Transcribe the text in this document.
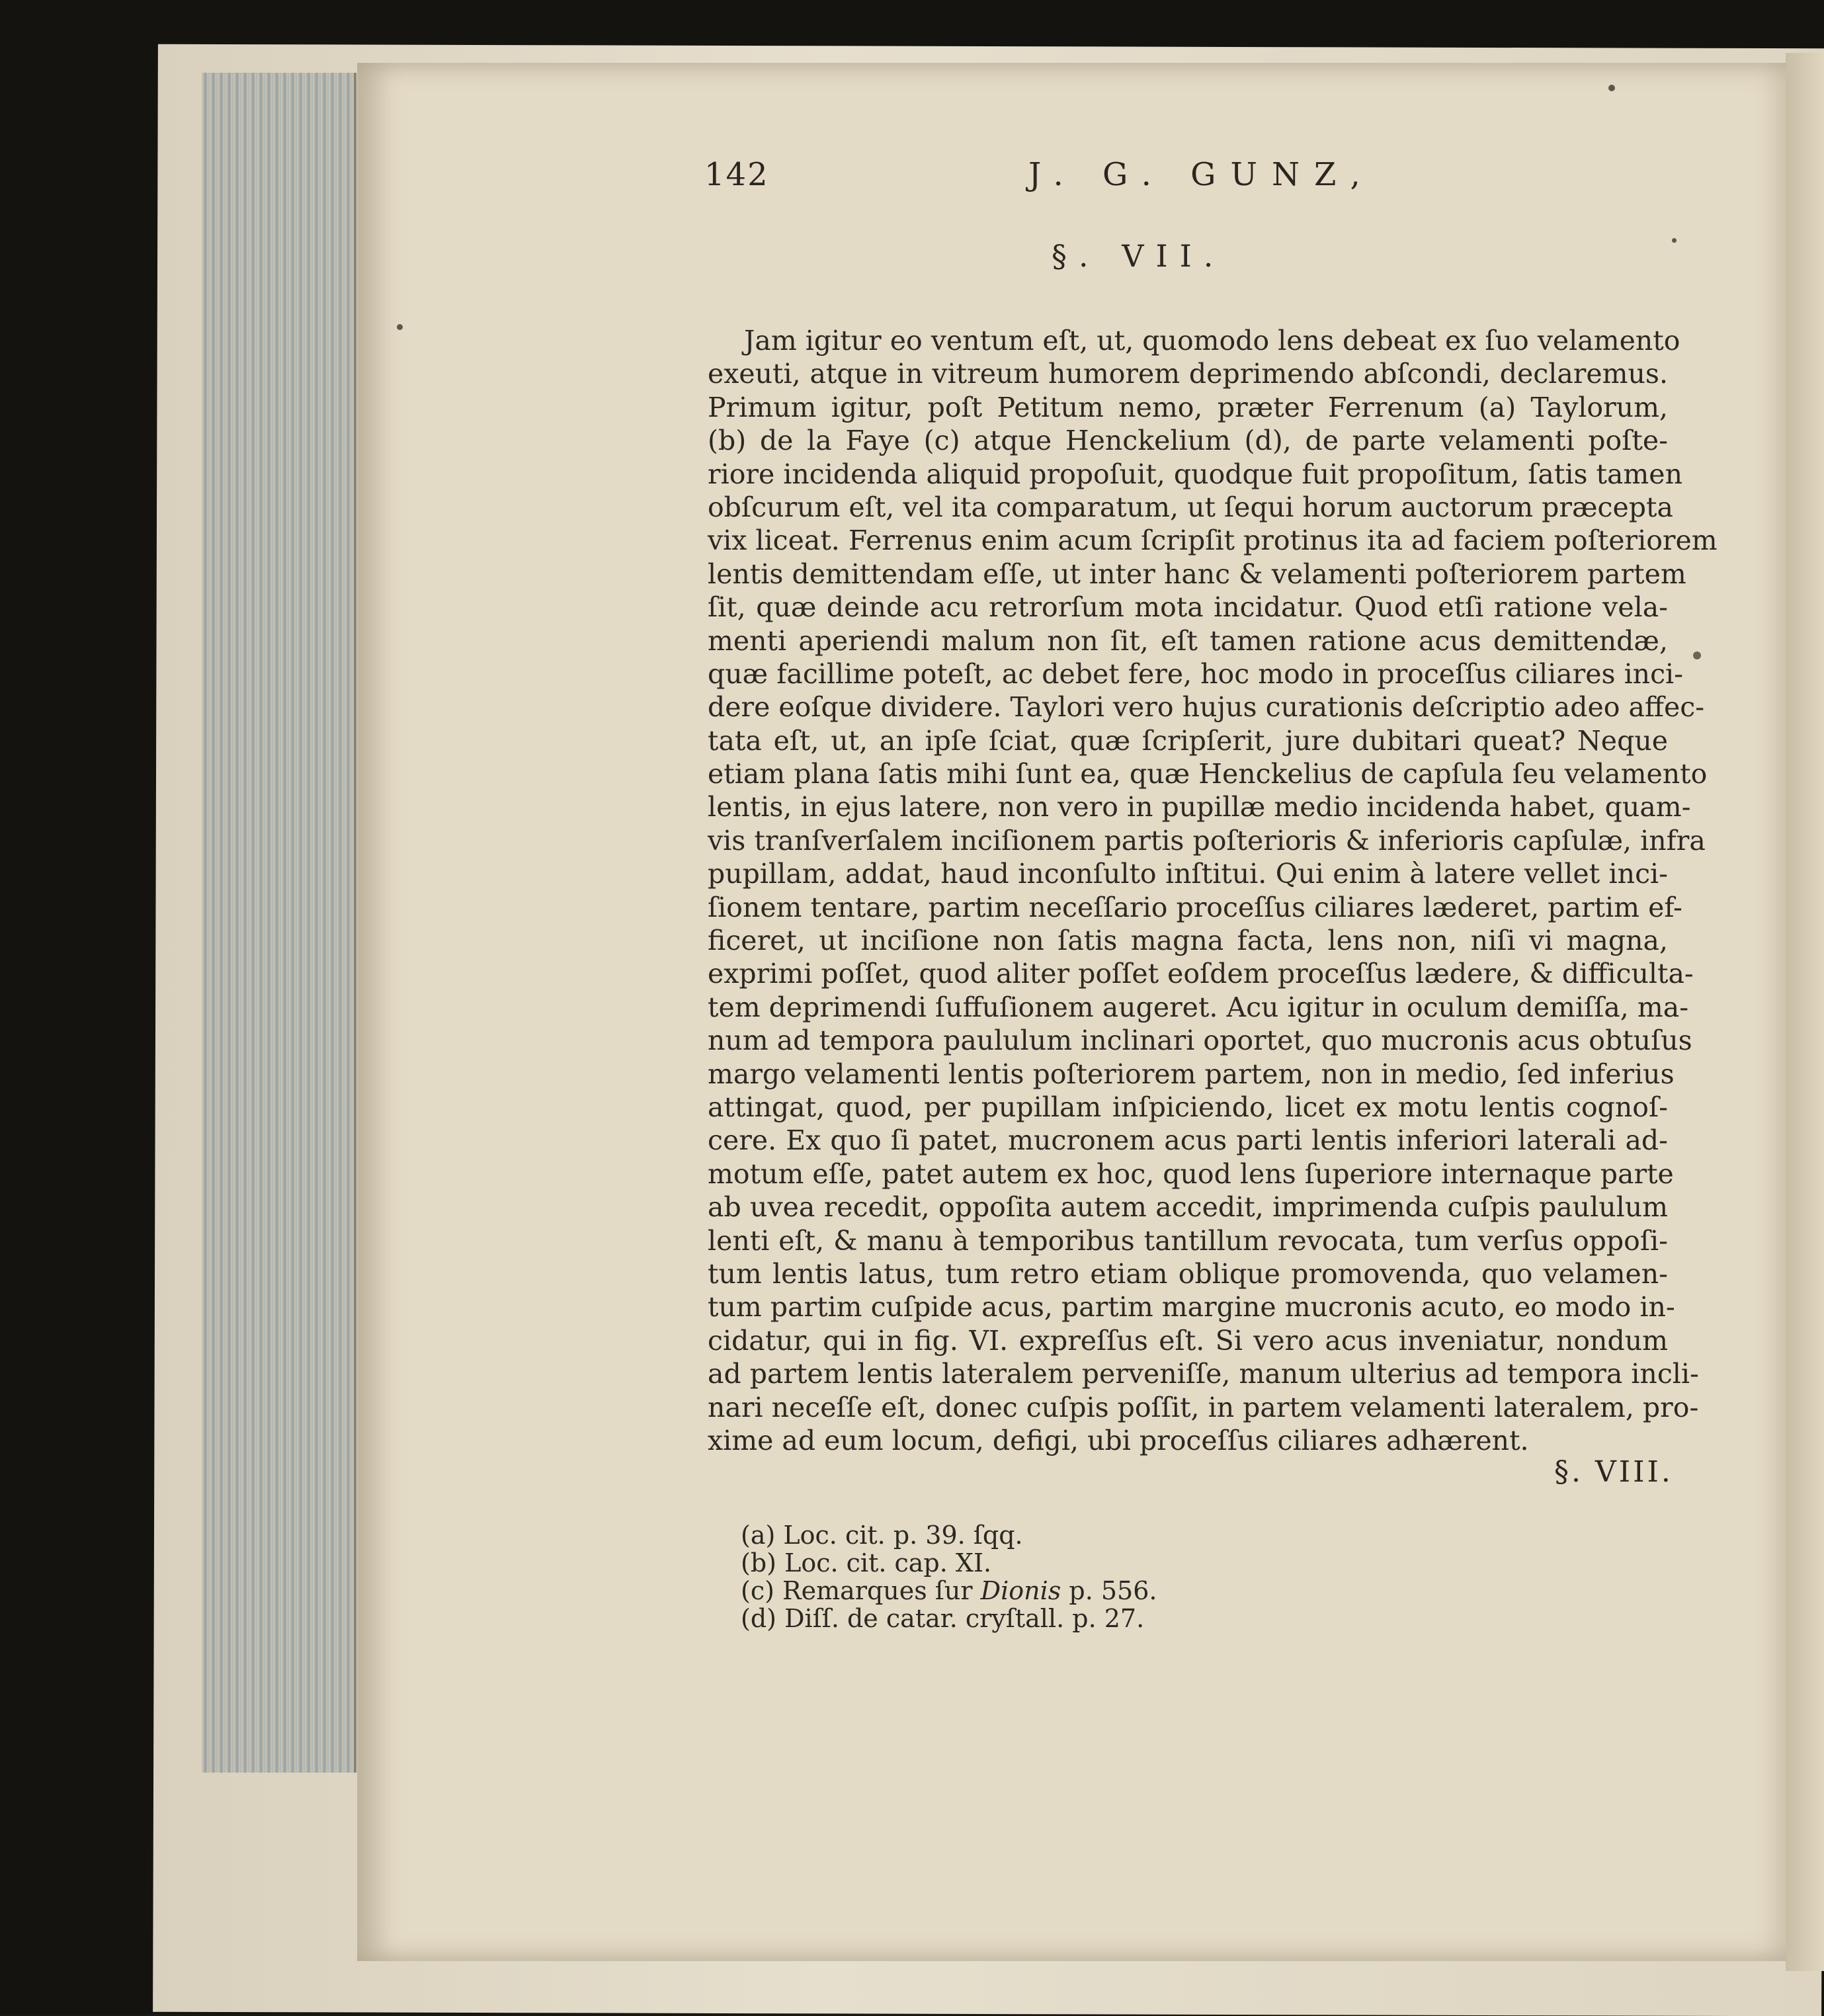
142	J. G. GUNZ,
§. VII.
Jam igitur eo ventum eſt, ut, quomodo lens debeat ex ſuo velamento
exeuti, atque in vitreum humorem deprimendo abſcondi, declaremus.
Primum igitur, poſt Petitum nemo, præter Ferrenum (a) Taylorum,
(b) de la Faye (c) atque Henckelium (d), de parte velamenti poſte-
riore incidenda aliquid propoſuit, quodque fuit propoſitum, ſatis tamen
obſcurum eſt, vel ita comparatum, ut ſequi horum auctorum præcepta
vix liceat. Ferrenus enim acum ſcripſit protinus ita ad faciem poſteriorem
lentis demittendam eſſe, ut inter hanc & velamenti poſteriorem partem
ſit, quæ deinde acu retrorſum mota incidatur. Quod etſi ratione vela-
menti aperiendi malum non ſit, eſt tamen ratione acus demittendæ,
quæ facillime poteſt, ac debet fere, hoc modo in proceſſus ciliares inci-
dere eoſque dividere. Taylori vero hujus curationis deſcriptio adeo affec-
tata eſt, ut, an ipſe ſciat, quæ ſcripſerit, jure dubitari queat? Neque
etiam plana ſatis mihi ſunt ea, quæ Henckelius de capſula ſeu velamento
lentis, in ejus latere, non vero in pupillæ medio incidenda habet, quam-
vis tranſverſalem inciſionem partis poſterioris & inferioris capſulæ, infra
pupillam, addat, haud inconſulto inſtitui. Qui enim à latere vellet inci-
ſionem tentare, partim neceſſario proceſſus ciliares læderet, partim ef-
ficeret, ut inciſione non ſatis magna facta, lens non, niſi vi magna,
exprimi poſſet, quod aliter poſſet eoſdem proceſſus lædere, & difficulta-
tem deprimendi ſuffuſionem augeret. Acu igitur in oculum demiſſa, ma-
num ad tempora paululum inclinari oportet, quo mucronis acus obtuſus
margo velamenti lentis poſteriorem partem, non in medio, ſed inferius
attingat, quod, per pupillam inſpiciendo, licet ex motu lentis cognoſ-
cere. Ex quo ſi patet, mucronem acus parti lentis inferiori laterali ad-
motum eſſe, patet autem ex hoc, quod lens ſuperiore internaque parte
ab uvea recedit, oppoſita autem accedit, imprimenda cuſpis paululum
lenti eſt, & manu à temporibus tantillum revocata, tum verſus oppoſi-
tum lentis latus, tum retro etiam oblique promovenda, quo velamen-
tum partim cuſpide acus, partim margine mucronis acuto, eo modo in-
cidatur, qui in fig. VI. expreſſus eſt. Si vero acus inveniatur, nondum
ad partem lentis lateralem perveniſſe, manum ulterius ad tempora incli-
nari neceſſe eſt, donec cuſpis poſſit, in partem velamenti lateralem, pro-
xime ad eum locum, defigi, ubi proceſſus ciliares adhærent.
§. VIII.
(a) Loc. cit. p. 39. ſqq.
(b) Loc. cit. cap. XI.
(c) Remarques ſur Dionis p. 556.
(d) Diſſ. de catar. cryſtall. p. 27.
